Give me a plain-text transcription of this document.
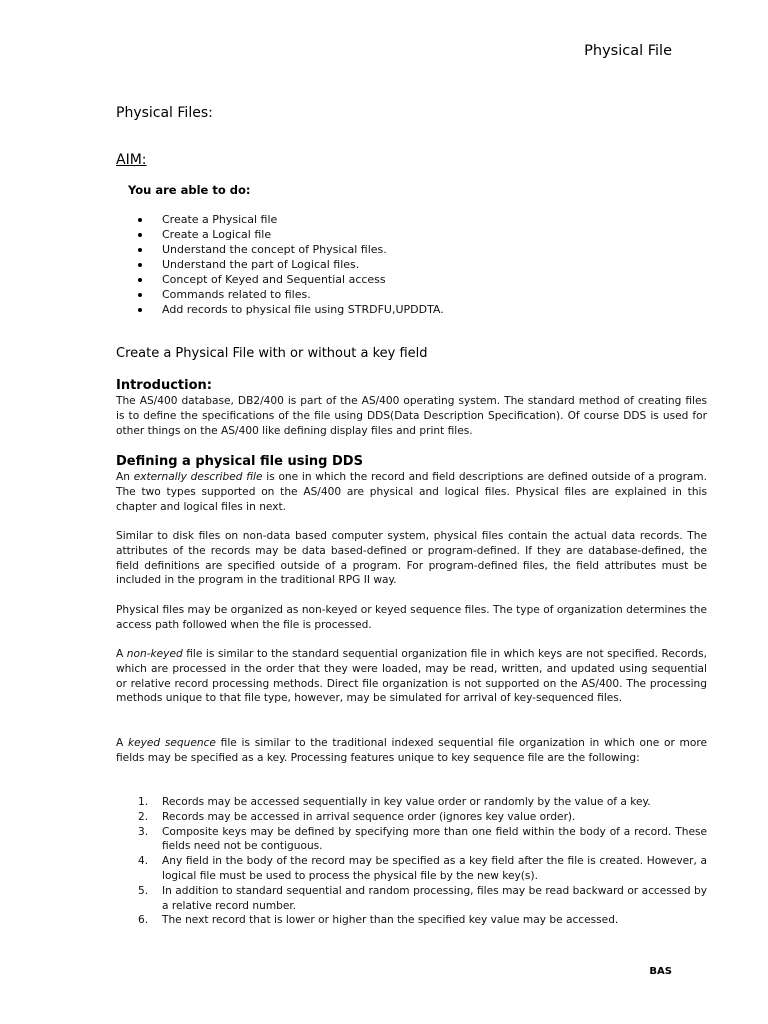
Physical File
Physical Files:
AIM:
You are able to do:
Create a Physical file
Create a Logical file
Understand the concept of Physical files.
Understand the part of Logical files.
Concept of Keyed and Sequential access
Commands related to files.
Add records to physical file using STRDFU,UPDDTA.
Create a Physical File with or without a key field
Introduction:
The AS/400 database, DB2/400 is part of the AS/400 operating system. The standard method of creating files is to define the specifications of the file using DDS(Data Description Specification). Of course DDS is used for other things on the AS/400 like defining display files and print files.
Defining a physical file using DDS
An externally described file is one in which the record and field descriptions are defined outside of a program. The two types supported on the AS/400 are physical and logical files. Physical files are explained in this chapter and logical files in next.
Similar to disk files on non-data based computer system, physical files contain the actual data records. The attributes of the records may be data based-defined or program-defined. If they are database-defined, the field definitions are specified outside of a program. For program-defined files, the field attributes must be included in the program in the traditional RPG II way.
Physical files may be organized as non-keyed or keyed sequence files. The type of organization determines the access path followed when the file is processed.
A non-keyed file is similar to the standard sequential organization file in which keys are not specified. Records, which are processed in the order that they were loaded, may be read, written, and updated using sequential or relative record processing methods. Direct file organization is not supported on the AS/400. The processing methods unique to that file type, however, may be simulated for arrival of key-sequenced files.
A keyed sequence file is similar to the traditional indexed sequential file organization in which one or more fields may be specified as a key. Processing features unique to key sequence file are the following:
1. Records may be accessed sequentially in key value order or randomly by the value of a key.
2. Records may be accessed in arrival sequence order (ignores key value order).
3. Composite keys may be defined by specifying more than one field within the body of a record. These fields need not be contiguous.
4. Any field in the body of the record may be specified as a key field after the file is created. However, a logical file must be used to process the physical file by the new key(s).
5. In addition to standard sequential and random processing, files may be read backward or accessed by a relative record number.
6. The next record that is lower or higher than the specified key value may be accessed.
BAS
